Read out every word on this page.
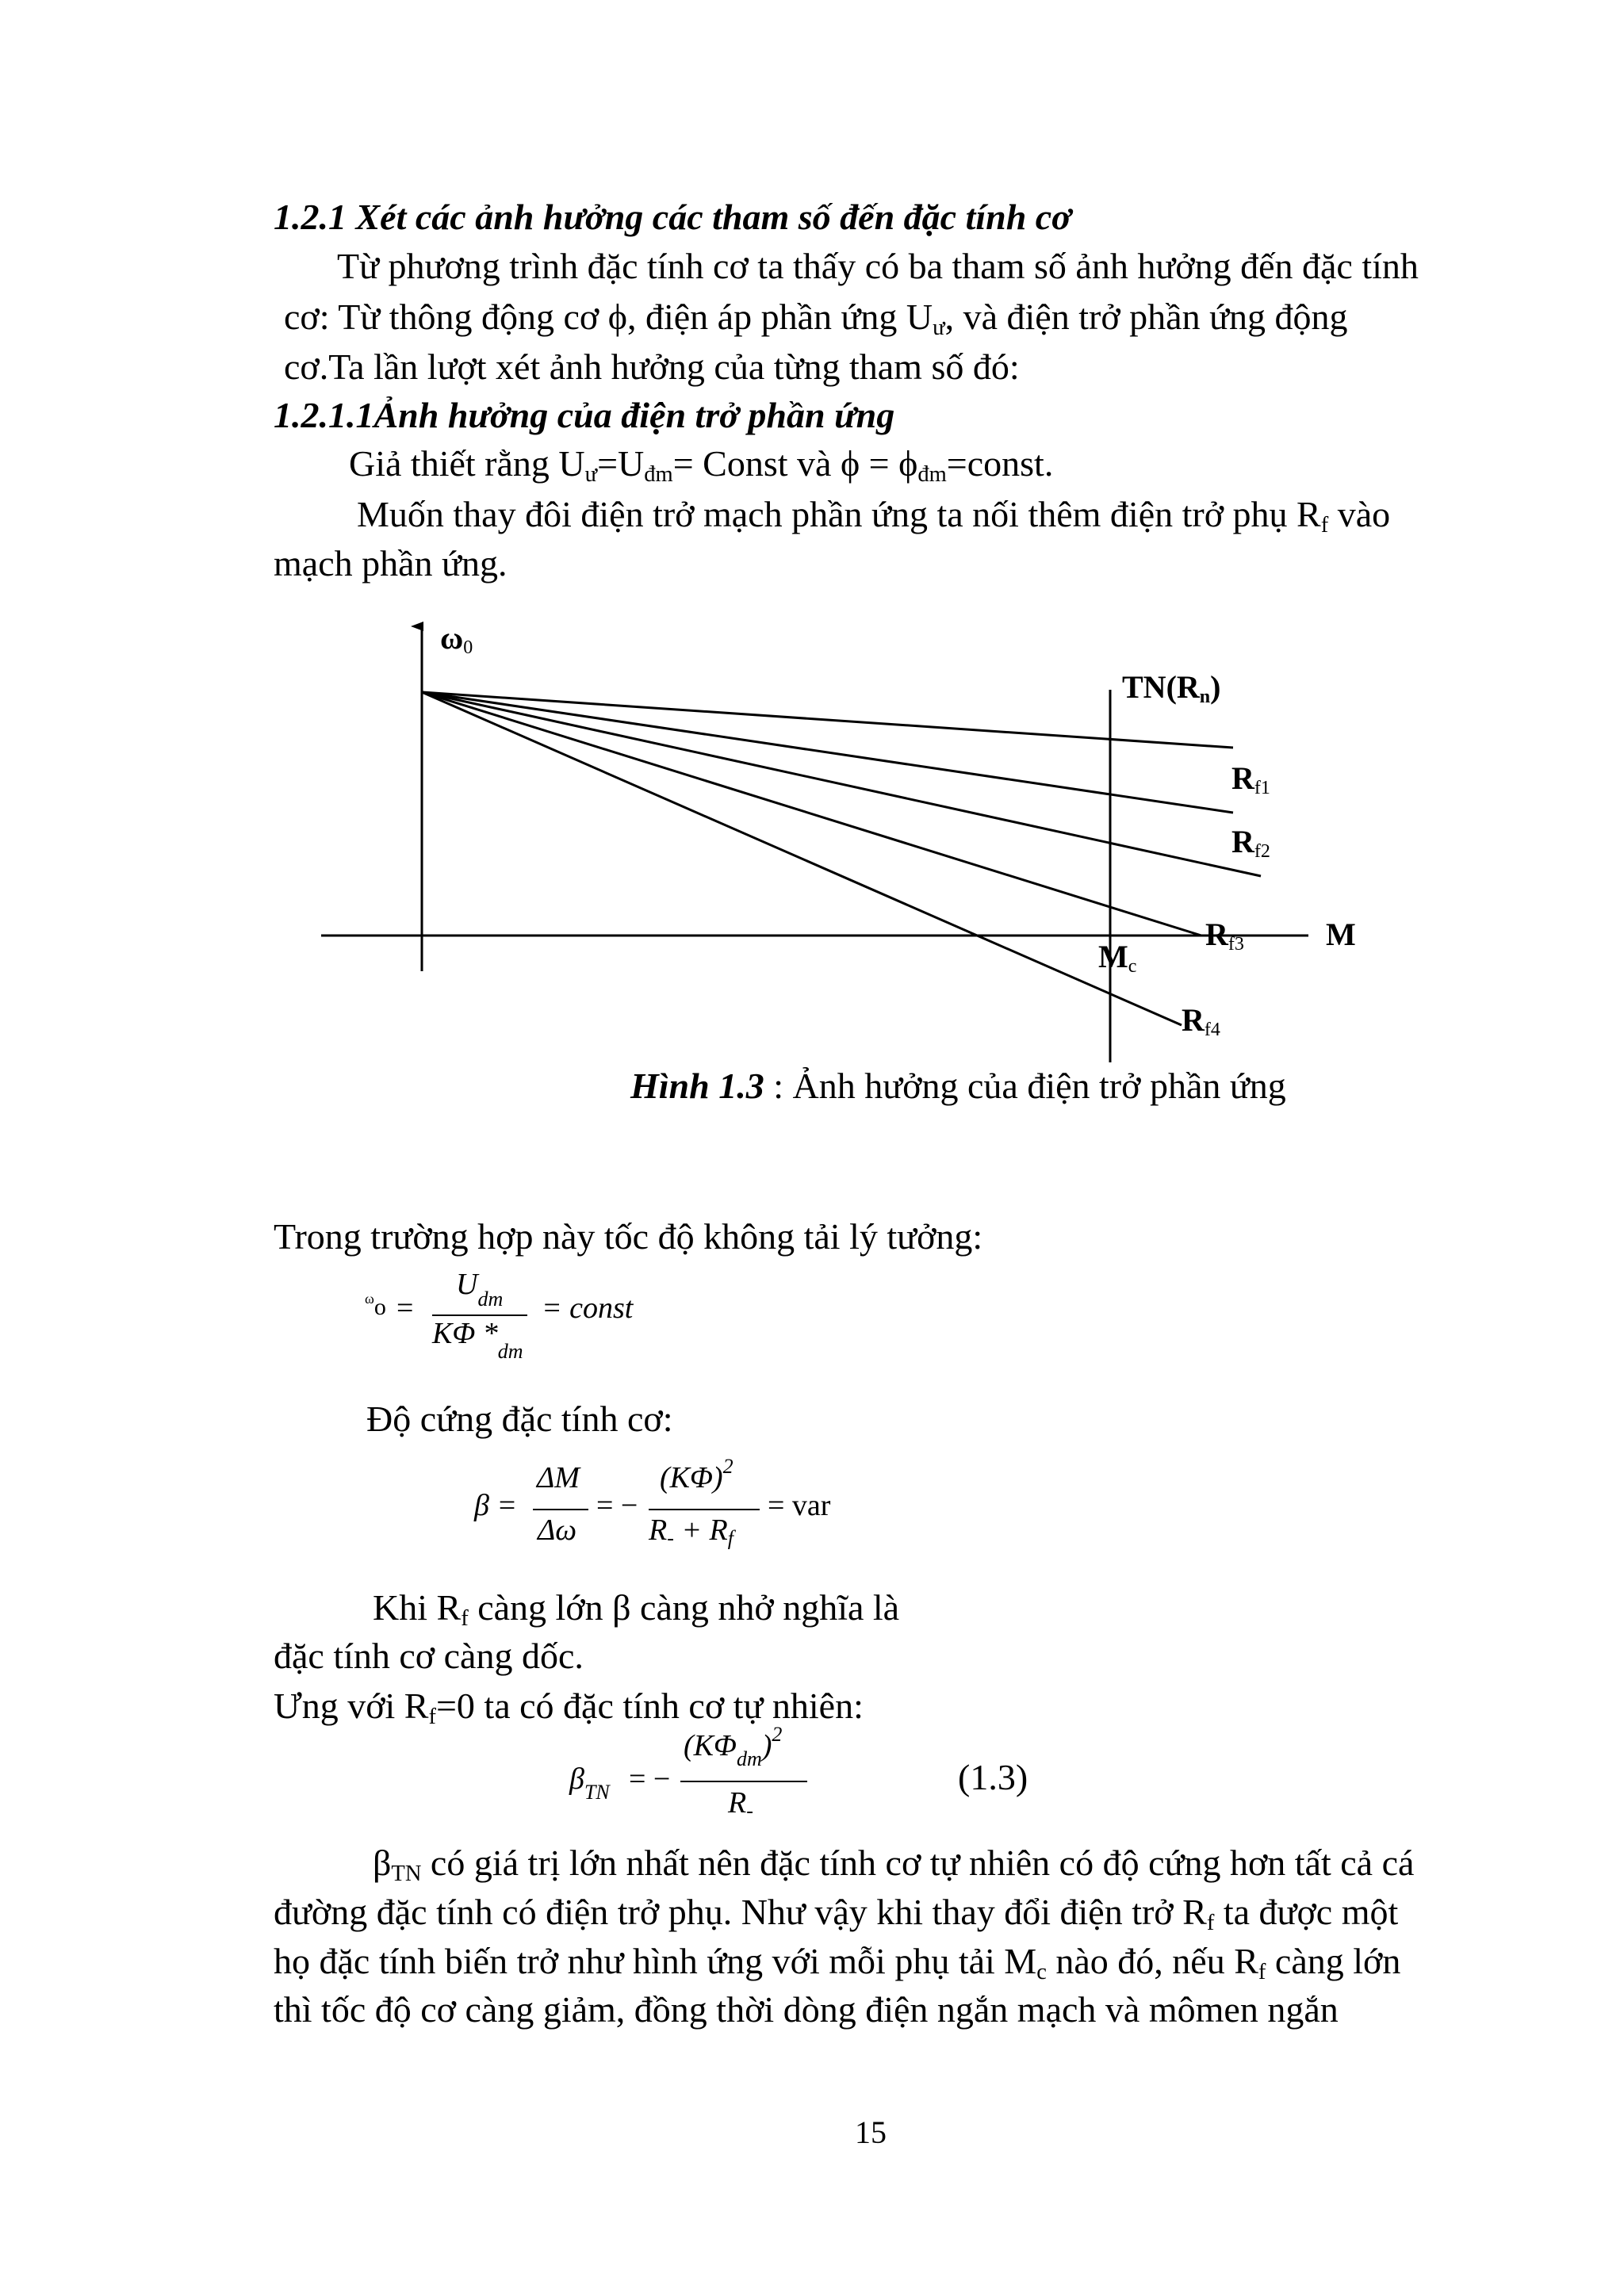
1.2.1 Xét các ảnh hưởng các tham số đến đặc tính cơ
Từ phương trình đặc tính cơ ta thấy có ba tham số ảnh hưởng đến đặc tính
cơ: Từ thông động cơ ϕ, điện áp phần ứng $U_ư$, và điện trở phần ứng động
cơ.Ta lần lượt xét ảnh hưởng của từng tham số đó:
1.2.1.1Ảnh hưởng của điện trở phần ứng
Giả thiết rằng $U_ư=U_{đm}=$ Const và $\phi = \phi_{đm}=const$.
Muốn thay đôi điện trở mạch phần ứng ta nối thêm điện trở phụ $R_f$ vào
mạch phần ứng.
ω0
TN(Rn)
Rf1
Rf2
Rf3
Rf4
Mc
M
Hình 1.3 : Ảnh hưởng của điện trở phần ứng
Trong trường hợp này tốc độ không tải lý tưởng:
$^\omega$o =
$U_{dm}$
KΦ $*_{dm}$
= const
Độ cứng đặc tính cơ:
β =
ΔM
Δω
= −
$(K\Phi)^2$
$R_- + R_f$
= var
Khi $R_f$ càng lớn β càng nhở nghĩa là
đặc tính cơ càng dốc.
Ưng với $R_f=0$ ta có đặc tính cơ tự nhiên:
$\beta_{TN}$ = −
$(K\Phi_{dm})^2$
$R_-$
(1.3)
$\beta_{TN}$ có giá trị lớn nhất nên đặc tính cơ tự nhiên có độ cứng hơn tất cả cá
đường đặc tính có điện trở phụ. Như vậy khi thay đổi điện trở $R_f$ ta được một
họ đặc tính biến trở như hình ứng với mỗi phụ tải $M_c$ nào đó, nếu $R_f$ càng lớn
thì tốc độ cơ càng giảm, đồng thời dòng điện ngắn mạch và mômen ngắn
15
